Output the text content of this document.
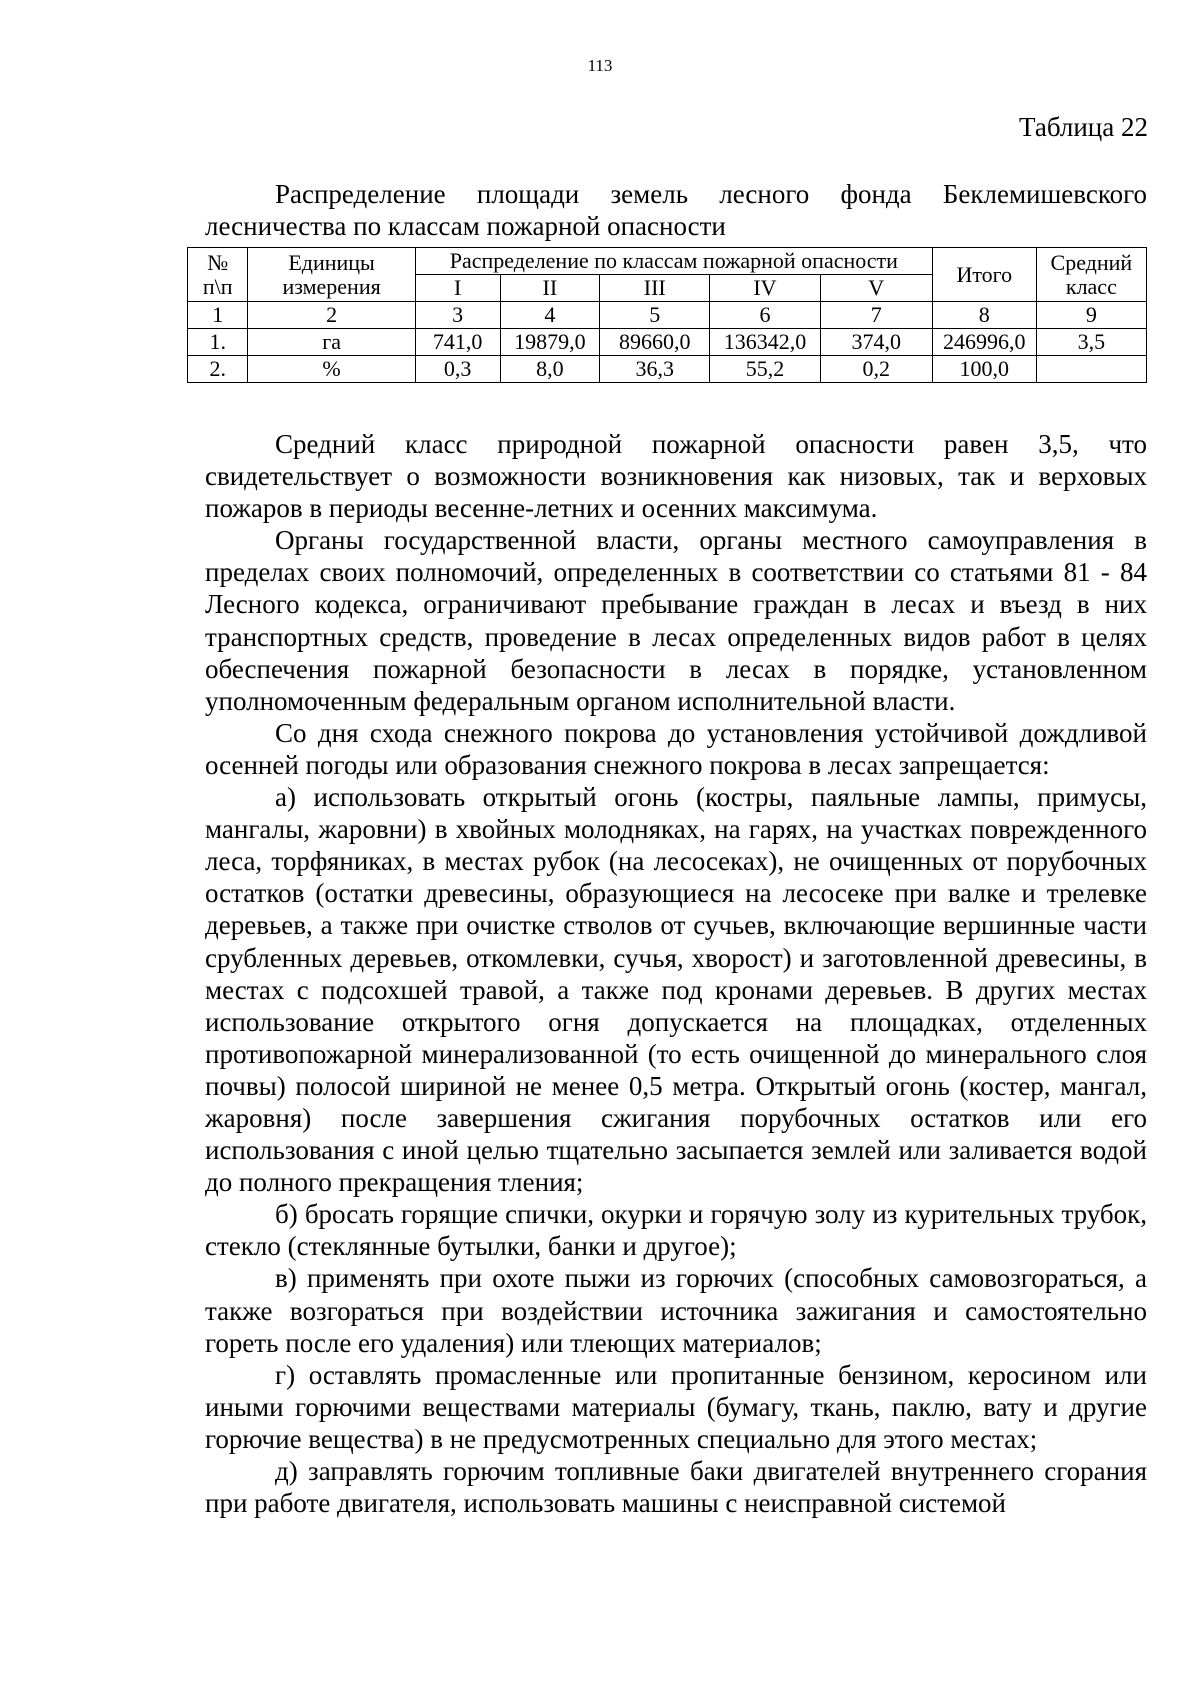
113
Таблица 22

Распределение площади земель лесного фонда Беклемишевского лесничества по классам пожарной опасности

№ п\п	Единицы измерения	Распределение по классам пожарной опасности					Итого	Средний класс
		I	II	III	IV	V		
1	2	3	4	5	6	7	8	9
1.	га	741,0	19879,0	89660,0	136342,0	374,0	246996,0	3,5
2.	%	0,3	8,0	36,3	55,2	0,2	100,0	

Средний класс природной пожарной опасности равен 3,5, что свидетельствует о возможности возникновения как низовых, так и верховых пожаров в периоды весенне-летних и осенних максимума.

Органы государственной власти, органы местного самоуправления в пределах своих полномочий, определенных в соответствии со статьями 81 - 84 Лесного кодекса, ограничивают пребывание граждан в лесах и въезд в них транспортных средств, проведение в лесах определенных видов работ в целях обеспечения пожарной безопасности в лесах в порядке, установленном уполномоченным федеральным органом исполнительной власти.

Со дня схода снежного покрова до установления устойчивой дождливой осенней погоды или образования снежного покрова в лесах запрещается:

а) использовать открытый огонь (костры, паяльные лампы, примусы, мангалы, жаровни) в хвойных молодняках, на гарях, на участках поврежденного леса, торфяниках, в местах рубок (на лесосеках), не очищенных от порубочных остатков (остатки древесины, образующиеся на лесосеке при валке и трелевке деревьев, а также при очистке стволов от сучьев, включающие вершинные части срубленных деревьев, откомлевки, сучья, хворост) и заготовленной древесины, в местах с подсохшей травой, а также под кронами деревьев. В других местах использование открытого огня допускается на площадках, отделенных противопожарной минерализованной (то есть очищенной до минерального слоя почвы) полосой шириной не менее 0,5 метра. Открытый огонь (костер, мангал, жаровня) после завершения сжигания порубочных остатков или его использования с иной целью тщательно засыпается землей или заливается водой до полного прекращения тления;

б) бросать горящие спички, окурки и горячую золу из курительных трубок, стекло (стеклянные бутылки, банки и другое);

в) применять при охоте пыжи из горючих (способных самовозгораться, а также возгораться при воздействии источника зажигания и самостоятельно гореть после его удаления) или тлеющих материалов;

г) оставлять промасленные или пропитанные бензином, керосином или иными горючими веществами материалы (бумагу, ткань, паклю, вату и другие горючие вещества) в не предусмотренных специально для этого местах;

д) заправлять горючим топливные баки двигателей внутреннего сгорания при работе двигателя, использовать машины с неисправной системой
